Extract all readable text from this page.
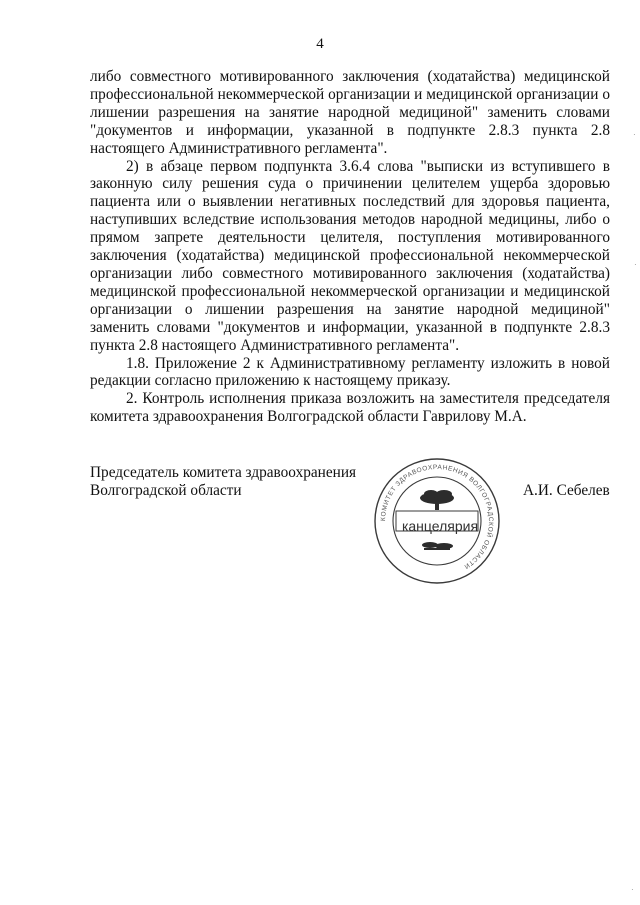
4

либо совместного мотивированного заключения (ходатайства) медицинской профессиональной некоммерческой организации и медицинской организации о лишении разрешения на занятие народной медициной" заменить словами "документов и информации, указанной в подпункте 2.8.3 пункта 2.8 настоящего Административного регламента".

2) в абзаце первом подпункта 3.6.4 слова "выписки из вступившего в законную силу решения суда о причинении целителем ущерба здоровью пациента или о выявлении негативных последствий для здоровья пациента, наступивших вследствие использования методов народной медицины, либо о прямом запрете деятельности целителя, поступления мотивированного заключения (ходатайства) медицинской профессиональной некоммерческой организации либо совместного мотивированного заключения (ходатайства) медицинской профессиональной некоммерческой организации и медицинской организации о лишении разрешения на занятие народной медициной" заменить словами "документов и информации, указанной в подпункте 2.8.3 пункта 2.8 настоящего Административного регламента".

1.8. Приложение 2 к Административному регламенту изложить в новой редакции согласно приложению к настоящему приказу.

2. Контроль исполнения приказа возложить на заместителя председателя комитета здравоохранения Волгоградской области Гаврилову М.А.

Председатель комитета здравоохранения
Волгоградской области
КОМИТЕТ ЗДРАВООХРАНЕНИЯ ВОЛГОГРАДСКОЙ ОБЛАСТИ
канцелярия
А.И. Себелев
·
·
·
